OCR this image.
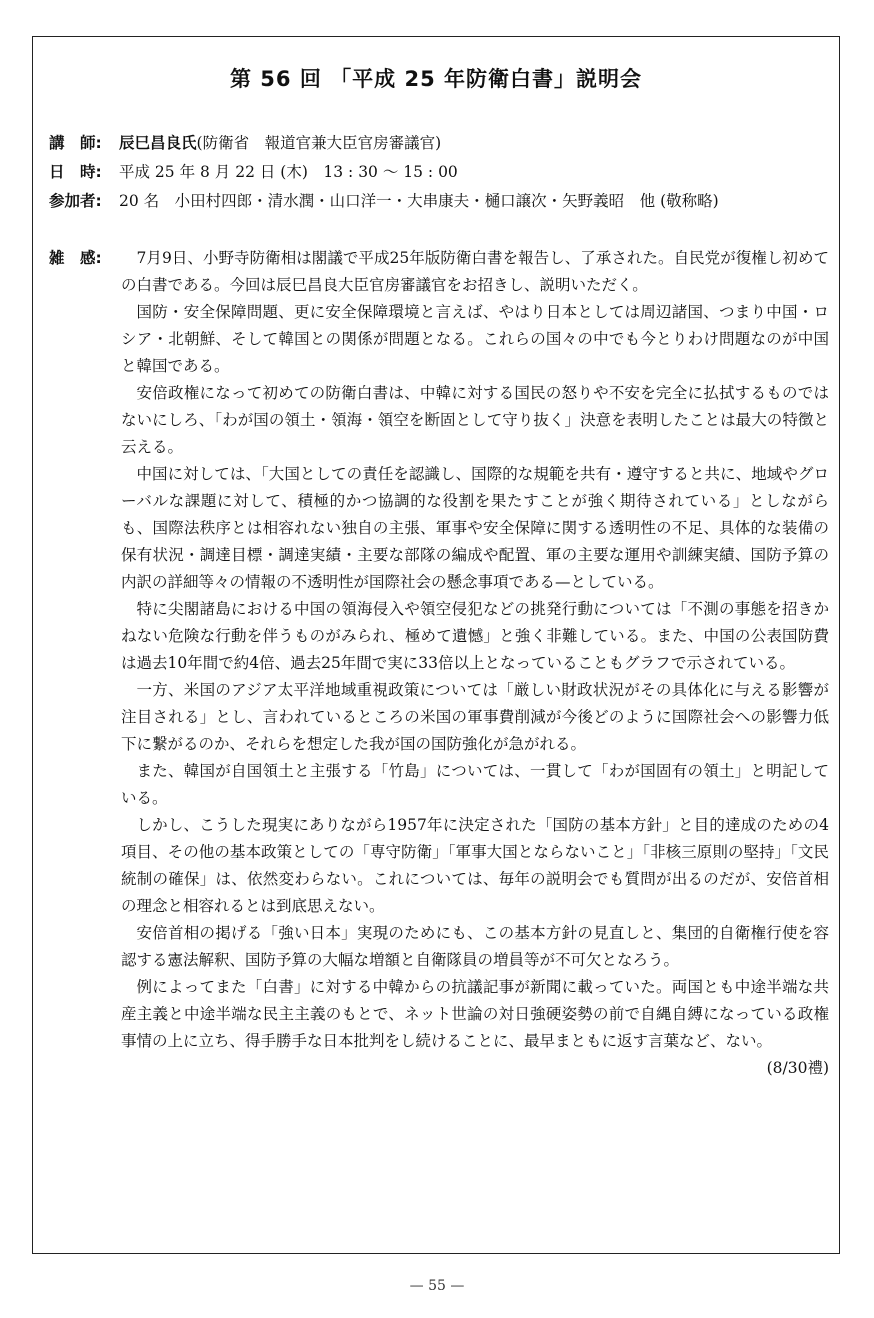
第 56 回 「平成 25 年防衛白書」説明会
講　師:	辰巳昌良氏 (防衛省　報道官兼大臣官房審議官)
日　時:	平成 25 年 8 月 22 日 (木)　13 : 30 〜 15 : 00
参加者:	20 名　小田村四郎・清水潤・山口洋一・大串康夫・樋口譲次・矢野義昭　他 (敬称略)
雑　感:	7月9日、小野寺防衛相は閣議で平成25年版防衛白書を報告し、了承された。自民党が復権し初めての白書である。今回は辰巳昌良大臣官房審議官をお招きし、説明いただく。

国防・安全保障問題、更に安全保障環境と言えば、やはり日本としては周辺諸国、つまり中国・ロシア・北朝鮮、そして韓国との関係が問題となる。これらの国々の中でも今とりわけ問題なのが中国と韓国である。

安倍政権になって初めての防衛白書は、中韓に対する国民の怒りや不安を完全に払拭するものではないにしろ、「わが国の領土・領海・領空を断固として守り抜く」決意を表明したことは最大の特徴と云える。

中国に対しては、「大国としての責任を認識し、国際的な規範を共有・遵守すると共に、地域やグローバルな課題に対して、積極的かつ協調的な役割を果たすことが強く期待されている」としながらも、国際法秩序とは相容れない独自の主張、軍事や安全保障に関する透明性の不足、具体的な装備の保有状況・調達目標・調達実績・主要な部隊の編成や配置、軍の主要な運用や訓練実績、国防予算の内訳の詳細等々の情報の不透明性が国際社会の懸念事項である—としている。

特に尖閣諸島における中国の領海侵入や領空侵犯などの挑発行動については「不測の事態を招きかねない危険な行動を伴うものがみられ、極めて遺憾」と強く非難している。また、中国の公表国防費は過去10年間で約4倍、過去25年間で実に33倍以上となっていることもグラフで示されている。

一方、米国のアジア太平洋地域重視政策については「厳しい財政状況がその具体化に与える影響が注目される」とし、言われているところの米国の軍事費削減が今後どのように国際社会への影響力低下に繋がるのか、それらを想定した我が国の国防強化が急がれる。

また、韓国が自国領土と主張する「竹島」については、一貫して「わが国固有の領土」と明記している。

しかし、こうした現実にありながら1957年に決定された「国防の基本方針」と目的達成のための4項目、その他の基本政策としての「専守防衛」「軍事大国とならないこと」「非核三原則の堅持」「文民統制の確保」は、依然変わらない。これについては、毎年の説明会でも質問が出るのだが、安倍首相の理念と相容れるとは到底思えない。

安倍首相の掲げる「強い日本」実現のためにも、この基本方針の見直しと、集団的自衛権行使を容認する憲法解釈、国防予算の大幅な増額と自衛隊員の増員等が不可欠となろう。

例によってまた「白書」に対する中韓からの抗議記事が新聞に載っていた。両国とも中途半端な共産主義と中途半端な民主主義のもとで、ネット世論の対日強硬姿勢の前で自縄自縛になっている政権事情の上に立ち、得手勝手な日本批判をし続けることに、最早まともに返す言葉など、ない。
(8/30禮)

— 55 —
